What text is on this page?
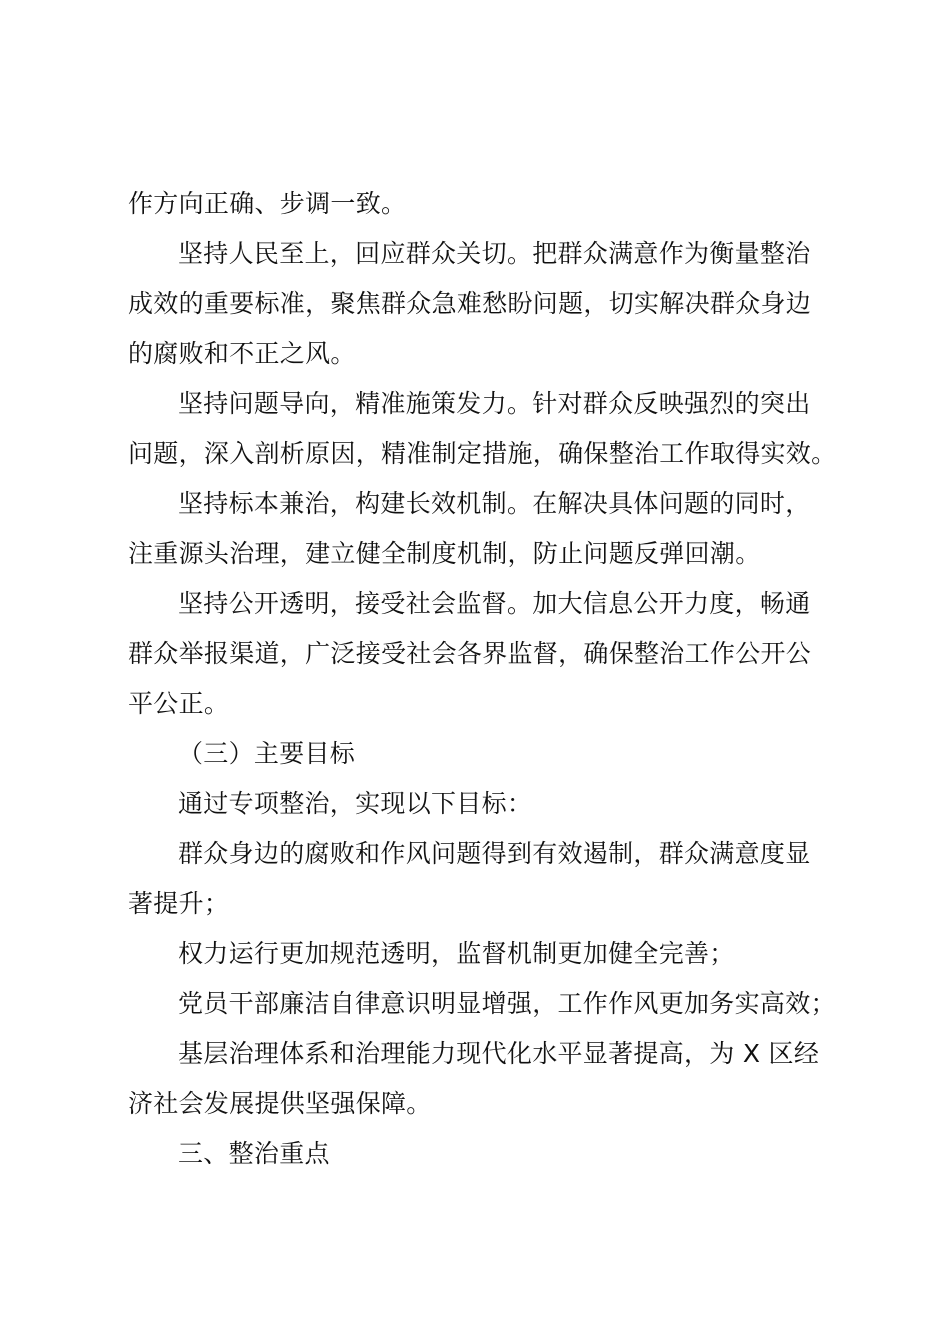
作方向正确、步调一致。
坚持人民至上，回应群众关切。把群众满意作为衡量整治
成效的重要标准，聚焦群众急难愁盼问题，切实解决群众身边
的腐败和不正之风。
坚持问题导向，精准施策发力。针对群众反映强烈的突出
问题，深入剖析原因，精准制定措施，确保整治工作取得实效。
坚持标本兼治，构建长效机制。在解决具体问题的同时，
注重源头治理，建立健全制度机制，防止问题反弹回潮。
坚持公开透明，接受社会监督。加大信息公开力度，畅通
群众举报渠道，广泛接受社会各界监督，确保整治工作公开公
平公正。
（三）主要目标
通过专项整治，实现以下目标：
群众身边的腐败和作风问题得到有效遏制，群众满意度显
著提升；
权力运行更加规范透明，监督机制更加健全完善；
党员干部廉洁自律意识明显增强，工作作风更加务实高效；
基层治理体系和治理能力现代化水平显著提高，为 X 区经
济社会发展提供坚强保障。
三、整治重点
